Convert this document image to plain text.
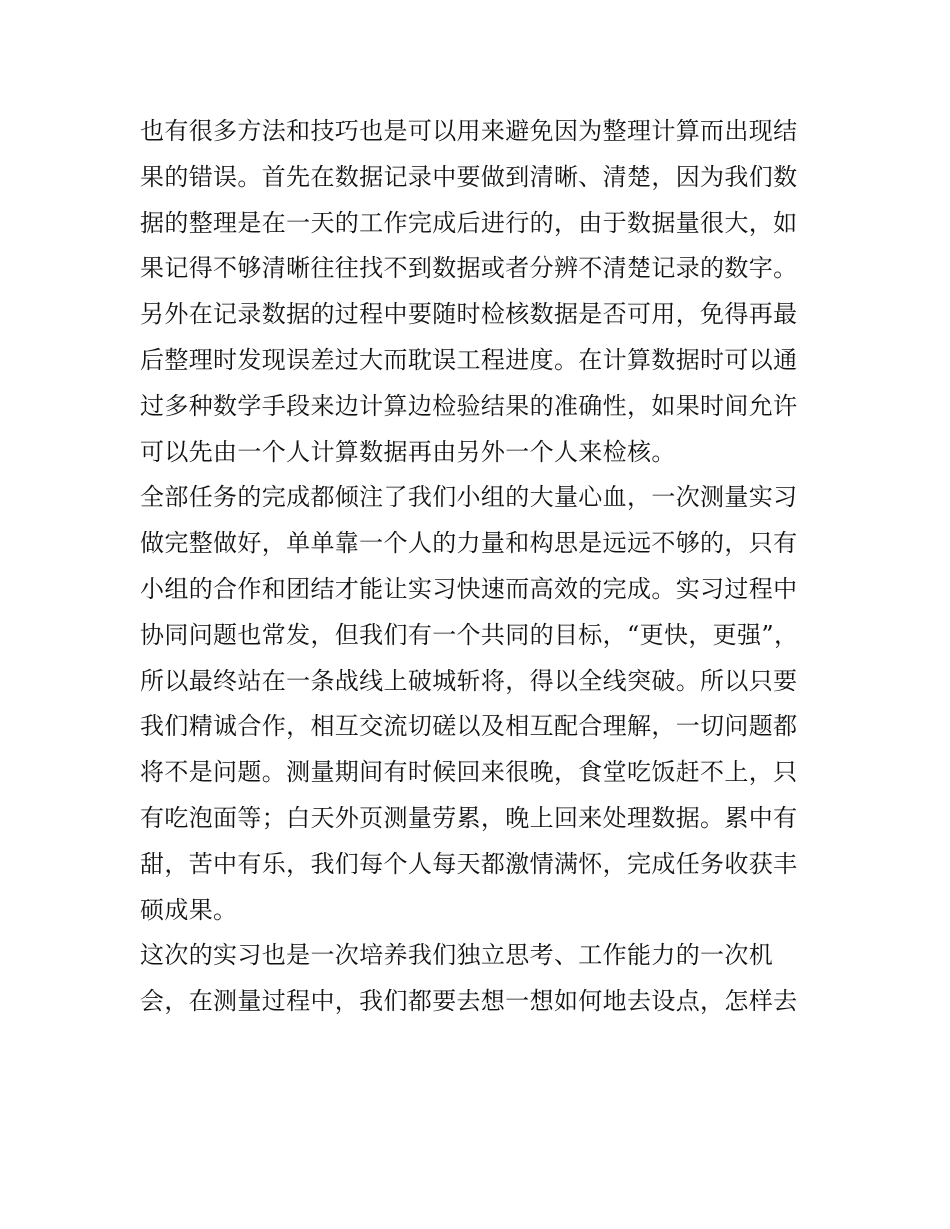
也有很多方法和技巧也是可以用来避免因为整理计算而出现结
果的错误。首先在数据记录中要做到清晰、清楚，因为我们数
据的整理是在一天的工作完成后进行的，由于数据量很大，如
果记得不够清晰往往找不到数据或者分辨不清楚记录的数字。
另外在记录数据的过程中要随时检核数据是否可用，免得再最
后整理时发现误差过大而耽误工程进度。在计算数据时可以通
过多种数学手段来边计算边检验结果的准确性，如果时间允许
可以先由一个人计算数据再由另外一个人来检核。
全部任务的完成都倾注了我们小组的大量心血，一次测量实习
做完整做好，单单靠一个人的力量和构思是远远不够的，只有
小组的合作和团结才能让实习快速而高效的完成。实习过程中
协同问题也常发，但我们有一个共同的目标，“更快，更强”，
所以最终站在一条战线上破城斩将，得以全线突破。所以只要
我们精诚合作，相互交流切磋以及相互配合理解，一切问题都
将不是问题。测量期间有时候回来很晚，食堂吃饭赶不上，只
有吃泡面等；白天外页测量劳累，晚上回来处理数据。累中有
甜，苦中有乐，我们每个人每天都激情满怀，完成任务收获丰
硕成果。
这次的实习也是一次培养我们独立思考、工作能力的一次机
会，在测量过程中，我们都要去想一想如何地去设点，怎样去
